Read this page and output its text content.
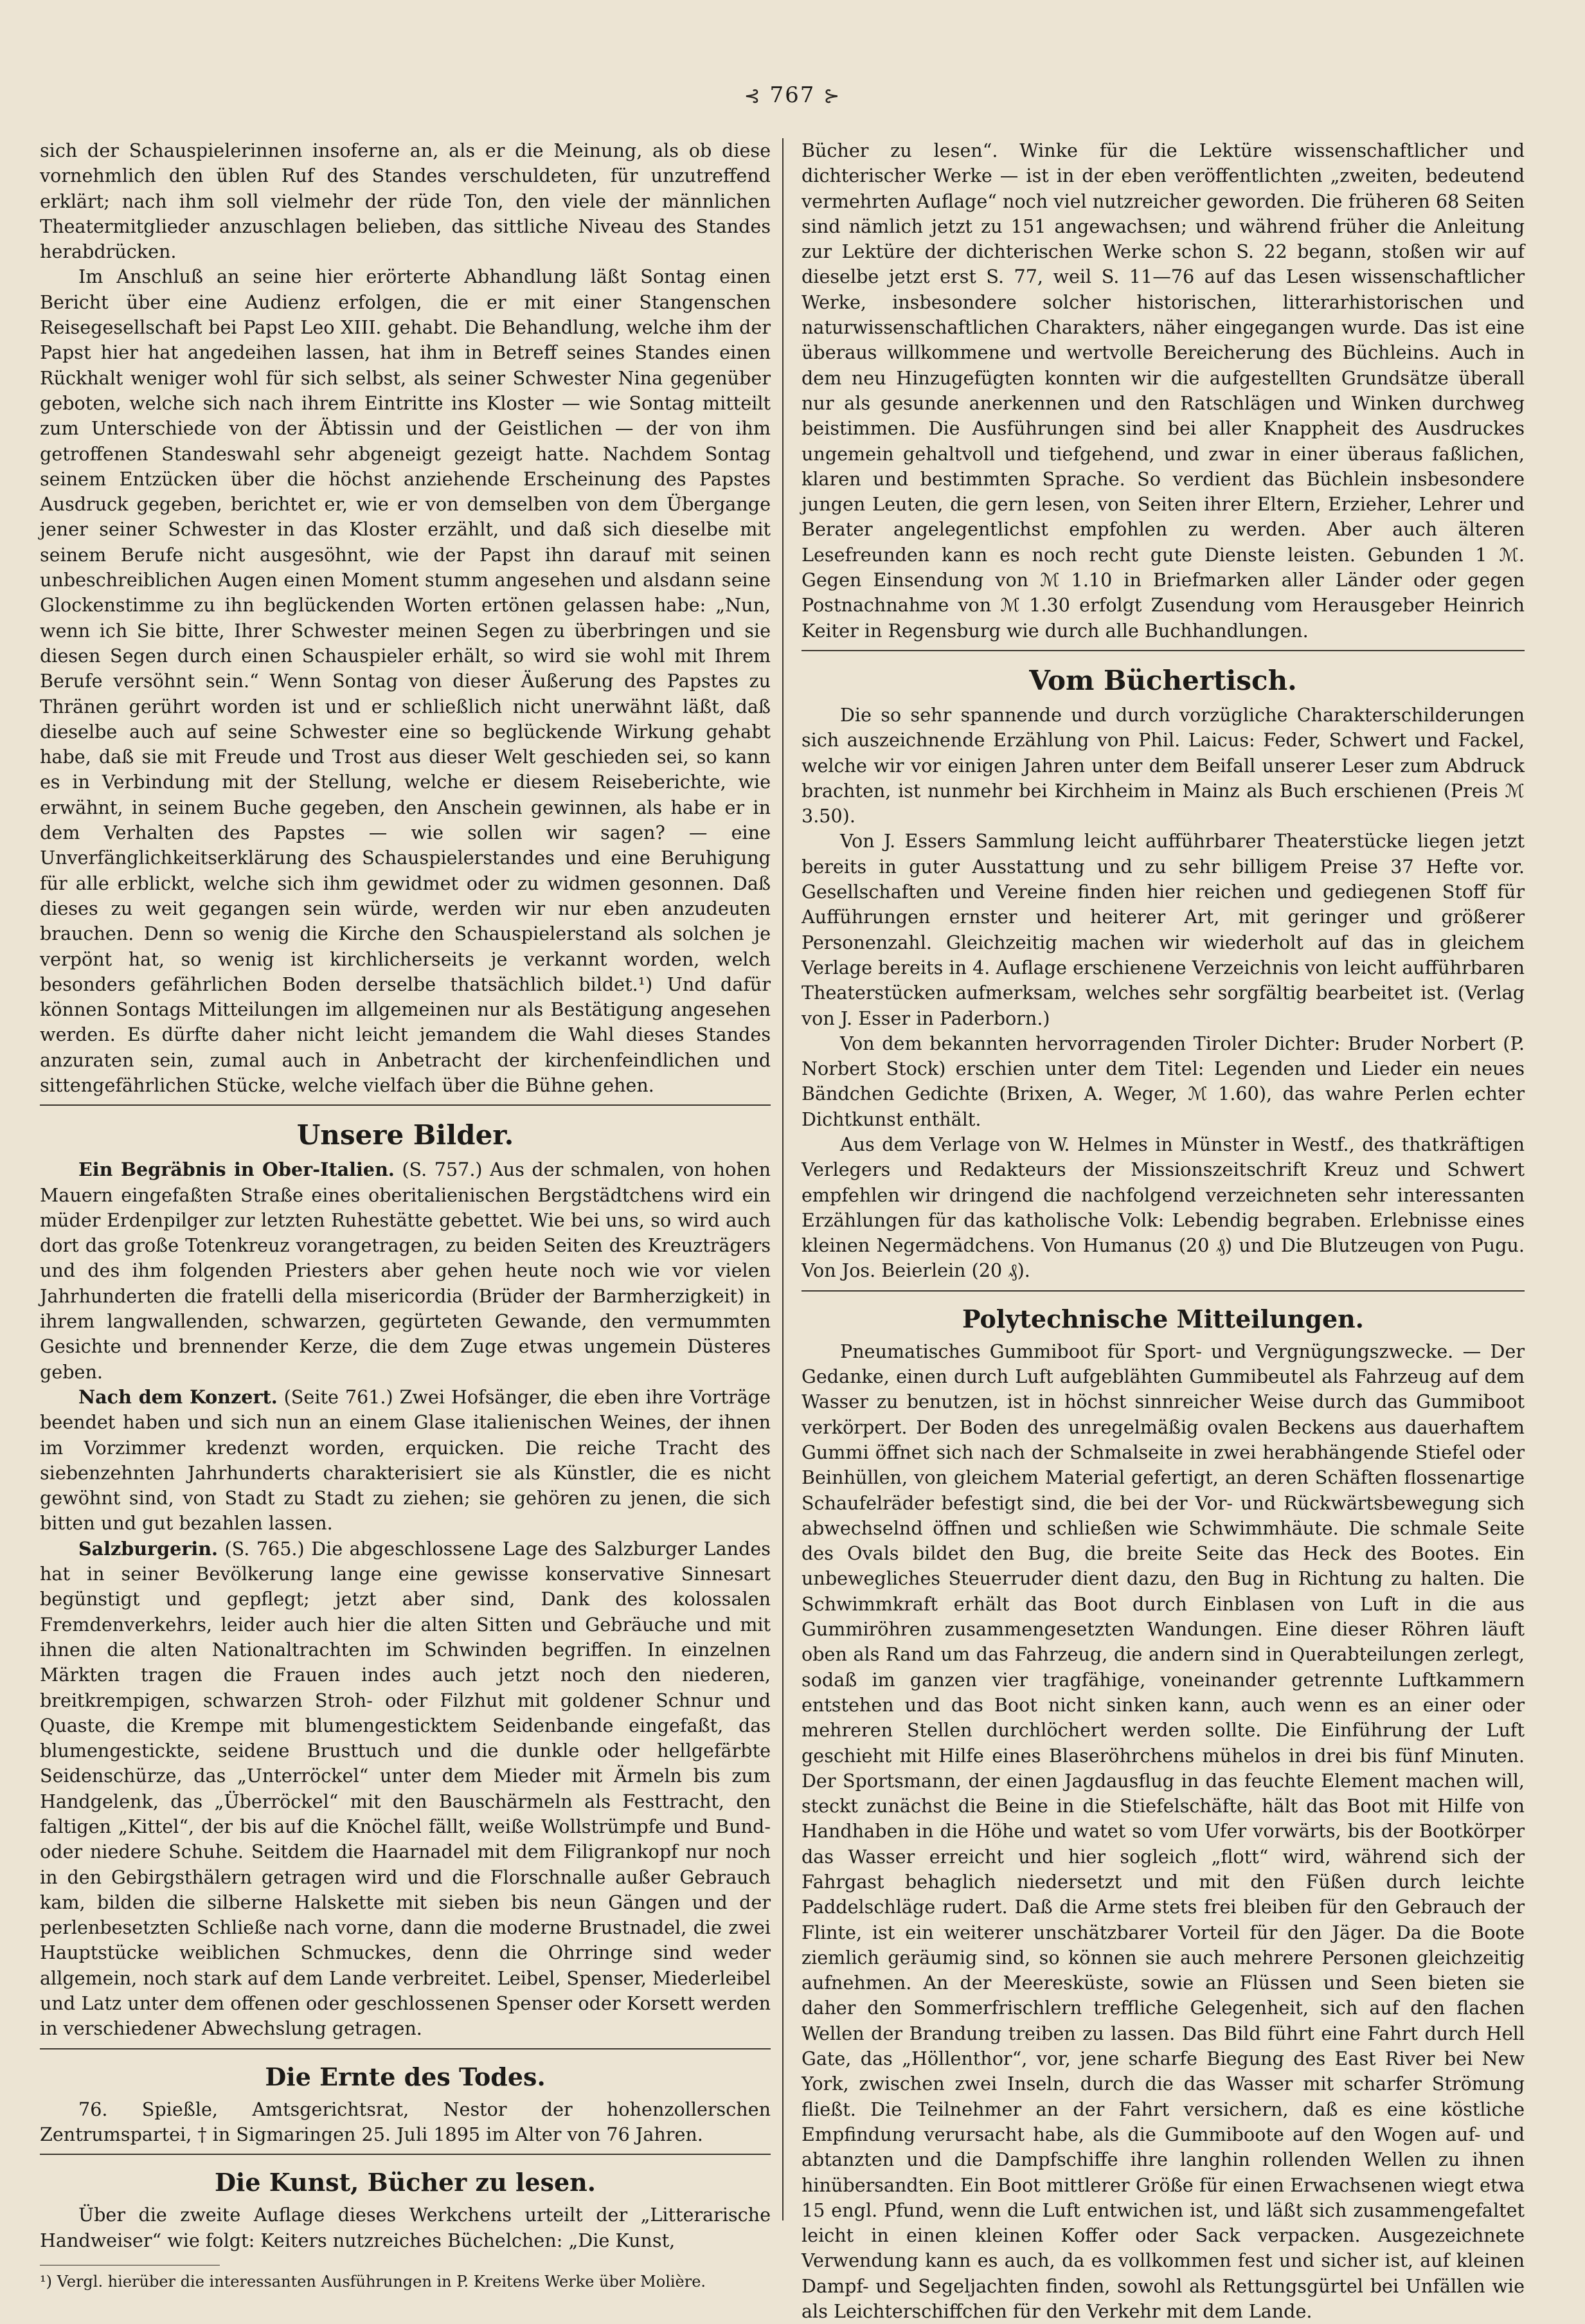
⊰ 767 ⊱

sich der Schauspielerinnen insoferne an, als er die Meinung, als ob diese vornehmlich den üblen Ruf des Standes verschuldeten, für unzutreffend erklärt; nach ihm soll vielmehr der rüde Ton, den viele der männlichen Theatermitglieder anzuschlagen belieben, das sittliche Niveau des Standes herabdrücken.

Im Anschluß an seine hier erörterte Abhandlung läßt Sontag einen Bericht über eine Audienz erfolgen, die er mit einer Stangenschen Reisegesellschaft bei Papst Leo XIII. gehabt. Die Behandlung, welche ihm der Papst hier hat angedeihen lassen, hat ihm in Betreff seines Standes einen Rückhalt weniger wohl für sich selbst, als seiner Schwester Nina gegenüber geboten, welche sich nach ihrem Eintritte ins Kloster — wie Sontag mitteilt zum Unterschiede von der Äbtissin und der Geistlichen — der von ihm getroffenen Standeswahl sehr abgeneigt gezeigt hatte. Nachdem Sontag seinem Entzücken über die höchst anziehende Erscheinung des Papstes Ausdruck gegeben, berichtet er, wie er von demselben von dem Übergange jener seiner Schwester in das Kloster erzählt, und daß sich dieselbe mit seinem Berufe nicht ausgesöhnt, wie der Papst ihn darauf mit seinen unbeschreiblichen Augen einen Moment stumm angesehen und alsdann seine Glockenstimme zu ihn beglückenden Worten ertönen gelassen habe: „Nun, wenn ich Sie bitte, Ihrer Schwester meinen Segen zu überbringen und sie diesen Segen durch einen Schauspieler erhält, so wird sie wohl mit Ihrem Berufe versöhnt sein.“ Wenn Sontag von dieser Äußerung des Papstes zu Thränen gerührt worden ist und er schließlich nicht unerwähnt läßt, daß dieselbe auch auf seine Schwester eine so beglückende Wirkung gehabt habe, daß sie mit Freude und Trost aus dieser Welt geschieden sei, so kann es in Verbindung mit der Stellung, welche er diesem Reiseberichte, wie erwähnt, in seinem Buche gegeben, den Anschein gewinnen, als habe er in dem Verhalten des Papstes — wie sollen wir sagen? — eine Unverfänglichkeitserklärung des Schauspielerstandes und eine Beruhigung für alle erblickt, welche sich ihm gewidmet oder zu widmen gesonnen. Daß dieses zu weit gegangen sein würde, werden wir nur eben anzudeuten brauchen. Denn so wenig die Kirche den Schauspielerstand als solchen je verpönt hat, so wenig ist kirchlicherseits je verkannt worden, welch besonders gefährlichen Boden derselbe thatsächlich bildet.¹) Und dafür können Sontags Mitteilungen im allgemeinen nur als Bestätigung angesehen werden. Es dürfte daher nicht leicht jemandem die Wahl dieses Standes anzuraten sein, zumal auch in Anbetracht der kirchenfeindlichen und sittengefährlichen Stücke, welche vielfach über die Bühne gehen.

Unsere Bilder.

Ein Begräbnis in Ober-Italien. (S. 757.) Aus der schmalen, von hohen Mauern eingefaßten Straße eines oberitalienischen Bergstädtchens wird ein müder Erdenpilger zur letzten Ruhestätte gebettet. Wie bei uns, so wird auch dort das große Totenkreuz vorangetragen, zu beiden Seiten des Kreuzträgers und des ihm folgenden Priesters aber gehen heute noch wie vor vielen Jahrhunderten die fratelli della misericordia (Brüder der Barmherzigkeit) in ihrem langwallenden, schwarzen, gegürteten Gewande, den vermummten Gesichte und brennender Kerze, die dem Zuge etwas ungemein Düsteres geben.

Nach dem Konzert. (Seite 761.) Zwei Hofsänger, die eben ihre Vorträge beendet haben und sich nun an einem Glase italienischen Weines, der ihnen im Vorzimmer kredenzt worden, erquicken. Die reiche Tracht des siebenzehnten Jahrhunderts charakterisiert sie als Künstler, die es nicht gewöhnt sind, von Stadt zu Stadt zu ziehen; sie gehören zu jenen, die sich bitten und gut bezahlen lassen.

Salzburgerin. (S. 765.) Die abgeschlossene Lage des Salzburger Landes hat in seiner Bevölkerung lange eine gewisse konservative Sinnesart begünstigt und gepflegt; jetzt aber sind, Dank des kolossalen Fremdenverkehrs, leider auch hier die alten Sitten und Gebräuche und mit ihnen die alten Nationaltrachten im Schwinden begriffen. In einzelnen Märkten tragen die Frauen indes auch jetzt noch den niederen, breitkrempigen, schwarzen Stroh- oder Filzhut mit goldener Schnur und Quaste, die Krempe mit blumengesticktem Seidenbande eingefaßt, das blumengestickte, seidene Brusttuch und die dunkle oder hellgefärbte Seidenschürze, das „Unterröckel“ unter dem Mieder mit Ärmeln bis zum Handgelenk, das „Überröckel“ mit den Bauschärmeln als Festtracht, den faltigen „Kittel“, der bis auf die Knöchel fällt, weiße Wollstrümpfe und Bund- oder niedere Schuhe. Seitdem die Haarnadel mit dem Filigrankopf nur noch in den Gebirgsthälern getragen wird und die Florschnalle außer Gebrauch kam, bilden die silberne Halskette mit sieben bis neun Gängen und der perlenbesetzten Schließe nach vorne, dann die moderne Brustnadel, die zwei Hauptstücke weiblichen Schmuckes, denn die Ohrringe sind weder allgemein, noch stark auf dem Lande verbreitet. Leibel, Spenser, Miederleibel und Latz unter dem offenen oder geschlossenen Spenser oder Korsett werden in verschiedener Abwechslung getragen.

Die Ernte des Todes.

76. Spießle, Amtsgerichtsrat, Nestor der hohenzollerschen Zentrumspartei, † in Sigmaringen 25. Juli 1895 im Alter von 76 Jahren.

Die Kunst, Bücher zu lesen.

Über die zweite Auflage dieses Werkchens urteilt der „Litterarische Handweiser“ wie folgt: Keiters nutzreiches Büchelchen: „Die Kunst,

¹) Vergl. hierüber die interessanten Ausführungen in P. Kreitens Werke über Molière.

Bücher zu lesen“. Winke für die Lektüre wissenschaftlicher und dichterischer Werke — ist in der eben veröffentlichten „zweiten, bedeutend vermehrten Auflage“ noch viel nutzreicher geworden. Die früheren 68 Seiten sind nämlich jetzt zu 151 angewachsen; und während früher die Anleitung zur Lektüre der dichterischen Werke schon S. 22 begann, stoßen wir auf dieselbe jetzt erst S. 77, weil S. 11—76 auf das Lesen wissenschaftlicher Werke, insbesondere solcher historischen, litterarhistorischen und naturwissenschaftlichen Charakters, näher eingegangen wurde. Das ist eine überaus willkommene und wertvolle Bereicherung des Büchleins. Auch in dem neu Hinzugefügten konnten wir die aufgestellten Grundsätze überall nur als gesunde anerkennen und den Ratschlägen und Winken durchweg beistimmen. Die Ausführungen sind bei aller Knappheit des Ausdruckes ungemein gehaltvoll und tiefgehend, und zwar in einer überaus faßlichen, klaren und bestimmten Sprache. So verdient das Büchlein insbesondere jungen Leuten, die gern lesen, von Seiten ihrer Eltern, Erzieher, Lehrer und Berater angelegentlichst empfohlen zu werden. Aber auch älteren Lesefreunden kann es noch recht gute Dienste leisten. Gebunden 1 ℳ. Gegen Einsendung von ℳ 1.10 in Briefmarken aller Länder oder gegen Postnachnahme von ℳ 1.30 erfolgt Zusendung vom Herausgeber Heinrich Keiter in Regensburg wie durch alle Buchhandlungen.

Vom Büchertisch.

Die so sehr spannende und durch vorzügliche Charakterschilderungen sich auszeichnende Erzählung von Phil. Laicus: Feder, Schwert und Fackel, welche wir vor einigen Jahren unter dem Beifall unserer Leser zum Abdruck brachten, ist nunmehr bei Kirchheim in Mainz als Buch erschienen (Preis ℳ 3.50).

Von J. Essers Sammlung leicht aufführbarer Theaterstücke liegen jetzt bereits in guter Ausstattung und zu sehr billigem Preise 37 Hefte vor. Gesellschaften und Vereine finden hier reichen und gediegenen Stoff für Aufführungen ernster und heiterer Art, mit geringer und größerer Personenzahl. Gleichzeitig machen wir wiederholt auf das in gleichem Verlage bereits in 4. Auflage erschienene Verzeichnis von leicht aufführbaren Theaterstücken aufmerksam, welches sehr sorgfältig bearbeitet ist. (Verlag von J. Esser in Paderborn.)

Von dem bekannten hervorragenden Tiroler Dichter: Bruder Norbert (P. Norbert Stock) erschien unter dem Titel: Legenden und Lieder ein neues Bändchen Gedichte (Brixen, A. Weger, ℳ 1.60), das wahre Perlen echter Dichtkunst enthält.

Aus dem Verlage von W. Helmes in Münster in Westf., des thatkräftigen Verlegers und Redakteurs der Missionszeitschrift Kreuz und Schwert empfehlen wir dringend die nachfolgend verzeichneten sehr interessanten Erzählungen für das katholische Volk: Lebendig begraben. Erlebnisse eines kleinen Negermädchens. Von Humanus (20 ₰) und Die Blutzeugen von Pugu. Von Jos. Beierlein (20 ₰).

Polytechnische Mitteilungen.

Pneumatisches Gummiboot für Sport- und Vergnügungszwecke. — Der Gedanke, einen durch Luft aufgeblähten Gummibeutel als Fahrzeug auf dem Wasser zu benutzen, ist in höchst sinnreicher Weise durch das Gummiboot verkörpert. Der Boden des unregelmäßig ovalen Beckens aus dauerhaftem Gummi öffnet sich nach der Schmalseite in zwei herabhängende Stiefel oder Beinhüllen, von gleichem Material gefertigt, an deren Schäften flossenartige Schaufelräder befestigt sind, die bei der Vor- und Rückwärtsbewegung sich abwechselnd öffnen und schließen wie Schwimmhäute. Die schmale Seite des Ovals bildet den Bug, die breite Seite das Heck des Bootes. Ein unbewegliches Steuerruder dient dazu, den Bug in Richtung zu halten. Die Schwimmkraft erhält das Boot durch Einblasen von Luft in die aus Gummiröhren zusammengesetzten Wandungen. Eine dieser Röhren läuft oben als Rand um das Fahrzeug, die andern sind in Querabteilungen zerlegt, sodaß im ganzen vier tragfähige, voneinander getrennte Luftkammern entstehen und das Boot nicht sinken kann, auch wenn es an einer oder mehreren Stellen durchlöchert werden sollte. Die Einführung der Luft geschieht mit Hilfe eines Blaseröhrchens mühelos in drei bis fünf Minuten. Der Sportsmann, der einen Jagdausflug in das feuchte Element machen will, steckt zunächst die Beine in die Stiefelschäfte, hält das Boot mit Hilfe von Handhaben in die Höhe und watet so vom Ufer vorwärts, bis der Bootkörper das Wasser erreicht und hier sogleich „flott“ wird, während sich der Fahrgast behaglich niedersetzt und mit den Füßen durch leichte Paddelschläge rudert. Daß die Arme stets frei bleiben für den Gebrauch der Flinte, ist ein weiterer unschätzbarer Vorteil für den Jäger. Da die Boote ziemlich geräumig sind, so können sie auch mehrere Personen gleichzeitig aufnehmen. An der Meeresküste, sowie an Flüssen und Seen bieten sie daher den Sommerfrischlern treffliche Gelegenheit, sich auf den flachen Wellen der Brandung treiben zu lassen. Das Bild führt eine Fahrt durch Hell Gate, das „Höllenthor“, vor, jene scharfe Biegung des East River bei New York, zwischen zwei Inseln, durch die das Wasser mit scharfer Strömung fließt. Die Teilnehmer an der Fahrt versichern, daß es eine köstliche Empfindung verursacht habe, als die Gummiboote auf den Wogen auf- und abtanzten und die Dampfschiffe ihre langhin rollenden Wellen zu ihnen hinübersandten. Ein Boot mittlerer Größe für einen Erwachsenen wiegt etwa 15 engl. Pfund, wenn die Luft entwichen ist, und läßt sich zusammengefaltet leicht in einen kleinen Koffer oder Sack verpacken. Ausgezeichnete Verwendung kann es auch, da es vollkommen fest und sicher ist, auf kleinen Dampf- und Segeljachten finden, sowohl als Rettungsgürtel bei Unfällen wie als Leichterschiffchen für den Verkehr mit dem Lande.
